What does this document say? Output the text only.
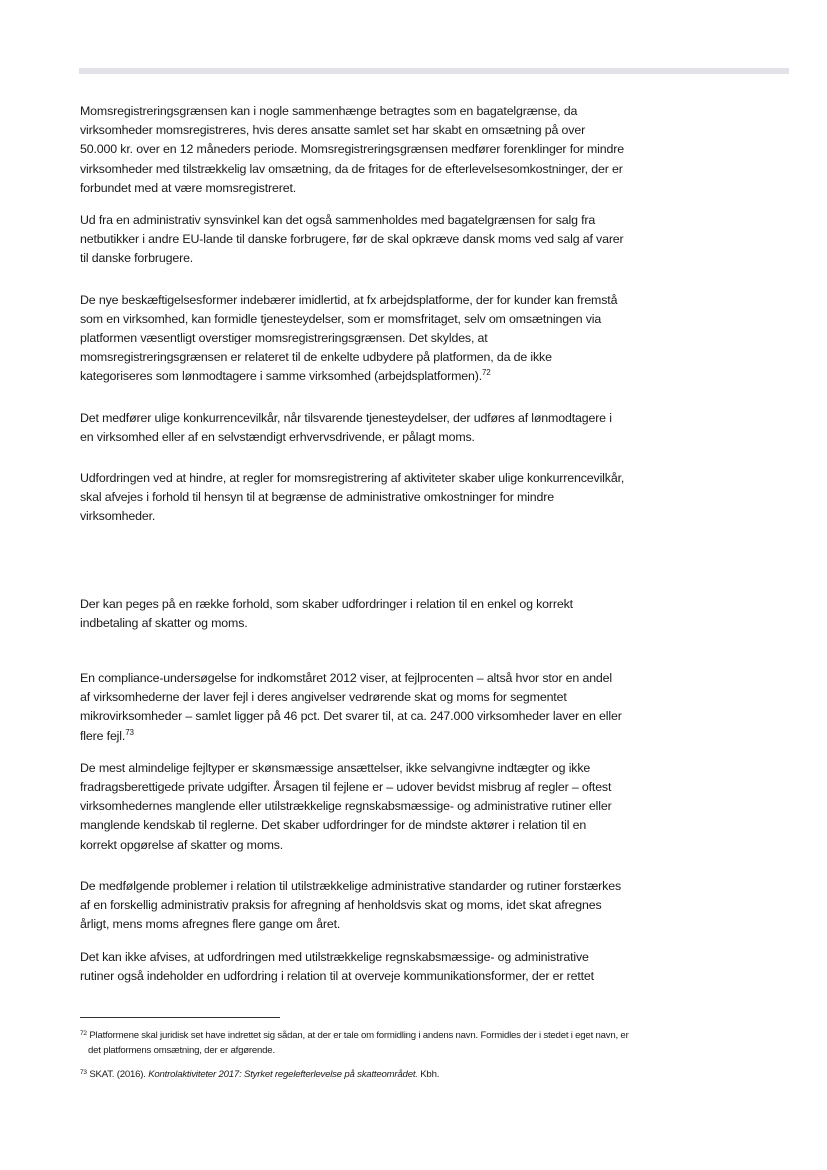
Momsregistreringsgrænsen kan i nogle sammenhænge betragtes som en bagatelgrænse, da virksomheder momsregistreres, hvis deres ansatte samlet set har skabt en omsætning på over 50.000 kr. over en 12 måneders periode. Momsregistreringsgrænsen medfører forenklinger for mindre virksomheder med tilstrækkelig lav omsætning, da de fritages for de efterlevelsesomkostninger, der er forbundet med at være momsregistreret.

Ud fra en administrativ synsvinkel kan det også sammenholdes med bagatelgrænsen for salg fra netbutikker i andre EU-lande til danske forbrugere, før de skal opkræve dansk moms ved salg af varer til danske forbrugere.

De nye beskæftigelsesformer indebærer imidlertid, at fx arbejdsplatforme, der for kunder kan fremstå som en virksomhed, kan formidle tjenesteydelser, som er momsfritaget, selv om omsætningen via platformen væsentligt overstiger momsregistreringsgrænsen. Det skyldes, at momsregistreringsgrænsen er relateret til de enkelte udbydere på platformen, da de ikke kategoriseres som lønmodtagere i samme virksomhed (arbejdsplatformen).$^{72}$

Det medfører ulige konkurrencevilkår, når tilsvarende tjenesteydelser, der udføres af lønmodtagere i en virksomhed eller af en selvstændigt erhvervsdrivende, er pålagt moms.

Udfordringen ved at hindre, at regler for momsregistrering af aktiviteter skaber ulige konkurrencevilkår, skal afvejes i forhold til hensyn til at begrænse de administrative omkostninger for mindre virksomheder.

Der kan peges på en række forhold, som skaber udfordringer i relation til en enkel og korrekt indbetaling af skatter og moms.

En compliance-undersøgelse for indkomståret 2012 viser, at fejlprocenten – altså hvor stor en andel af virksomhederne der laver fejl i deres angivelser vedrørende skat og moms for segmentet mikrovirksomheder – samlet ligger på 46 pct. Det svarer til, at ca. 247.000 virksomheder laver en eller flere fejl.$^{73}$

De mest almindelige fejltyper er skønsmæssige ansættelser, ikke selvangivne indtægter og ikke fradragsberettigede private udgifter. Årsagen til fejlene er – udover bevidst misbrug af regler – oftest virksomhedernes manglende eller utilstrækkelige regnskabsmæssige- og administrative rutiner eller manglende kendskab til reglerne. Det skaber udfordringer for de mindste aktører i relation til en korrekt opgørelse af skatter og moms.

De medfølgende problemer i relation til utilstrækkelige administrative standarder og rutiner forstærkes af en forskellig administrativ praksis for afregning af henholdsvis skat og moms, idet skat afregnes årligt, mens moms afregnes flere gange om året.

Det kan ikke afvises, at udfordringen med utilstrækkelige regnskabsmæssige- og administrative rutiner også indeholder en udfordring i relation til at overveje kommunikationsformer, der er rettet

$^{72}$ Platformene skal juridisk set have indrettet sig sådan, at der er tale om formidling i andens navn. Formidles der i stedet i eget navn, er det platformens omsætning, der er afgørende.

$^{73}$ SKAT. (2016). Kontrolaktiviteter 2017: Styrket regelefterlevelse på skatteområdet. Kbh.
